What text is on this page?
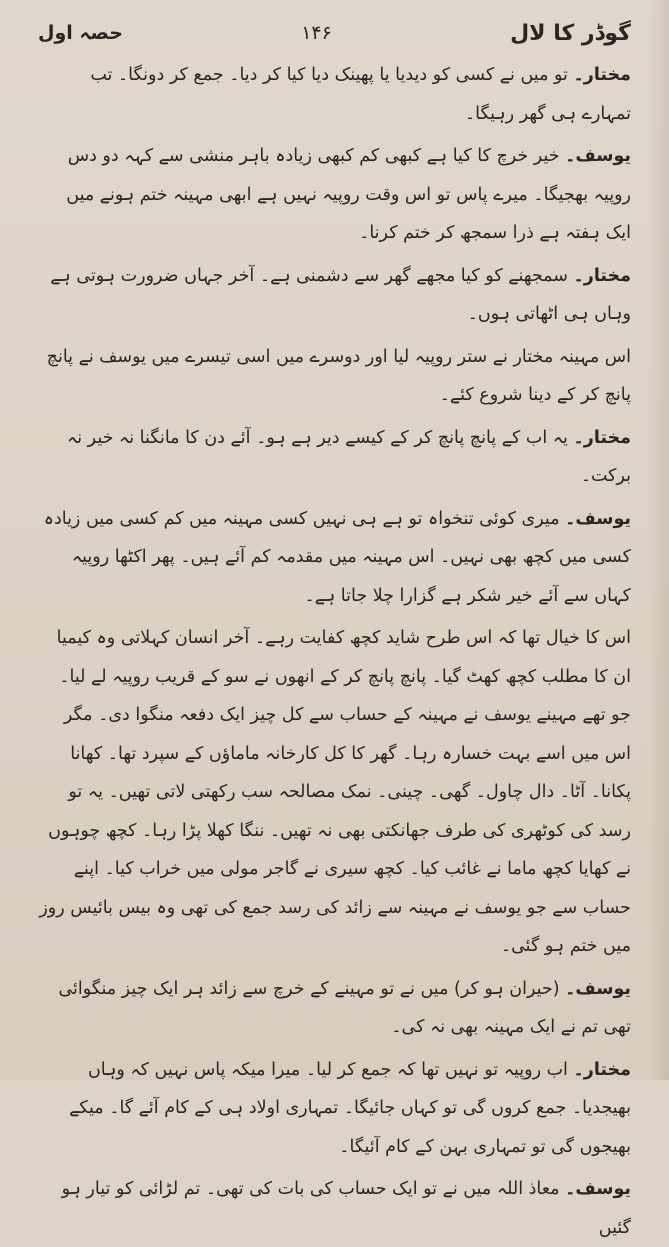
حصہ اول	۱۴۶	گوڈر کا لال

مختار۔ تو میں نے کسی کو دیدیا یا پھینک دیا کیا کر دیا۔ جمع کر دونگا۔ تب تمہارے ہی گھر رہیگا۔

یوسف۔ خیر خرچ کا کیا ہے کبھی کم کبھی زیادہ باہر منشی سے کہہ دو دس روپیہ بھجیگا۔ میرے پاس تو اس وقت روپیہ نہیں ہے ابھی مہینہ ختم ہونے میں ایک ہفتہ ہے ذرا سمجھ کر ختم کرنا۔

مختار۔ سمجھنے کو کیا مجھے گھر سے دشمنی ہے۔ آخر جہاں ضرورت ہوتی ہے وہاں ہی اٹھاتی ہوں۔

اس مہینہ مختار نے ستر روپیہ لیا اور دوسرے میں اسی تیسرے میں یوسف نے پانچ پانچ کر کے دینا شروع کئے۔

مختار۔ یہ اب کے پانچ پانچ کر کے کیسے دیر ہے ہو۔ آئے دن کا مانگنا نہ خیر نہ برکت۔

یوسف۔ میری کوئی تنخواہ تو ہے ہی نہیں کسی مہینہ میں کم کسی میں زیادہ کسی میں کچھ بھی نہیں۔ اس مہینہ میں مقدمہ کم آئے ہیں۔ پھر اکٹھا روپیہ کہاں سے آئے خیر شکر ہے گزارا چلا جاتا ہے۔

اس کا خیال تھا کہ اس طرح شاید کچھ کفایت رہے۔ آخر انسان کہلاتی وہ کیمیا ان کا مطلب کچھ کھٹ گیا۔ پانچ پانچ کر کے انھوں نے سو کے قریب روپیہ لے لیا۔ جو تھے مہینے یوسف نے مہینہ کے حساب سے کل چیز ایک دفعہ منگوا دی۔ مگر اس میں اسے بہت خسارہ رہا۔ گھر کا کل کارخانہ ماماؤں کے سپرد تھا۔ کھانا پکانا۔ آٹا۔ دال چاول۔ گھی۔ چینی۔ نمک مصالحہ سب رکھتی لاتی تھیں۔ یہ تو رسد کی کوٹھری کی طرف جھانکتی بھی نہ تھیں۔ ننگا کھلا پڑا رہا۔ کچھ چوہوں نے کھایا کچھ ماما نے غائب کیا۔ کچھ سیری نے گاجر مولی میں خراب کیا۔ اپنے حساب سے جو یوسف نے مہینہ سے زائد کی رسد جمع کی تھی وہ بیس بائیس روز میں ختم ہو گئی۔

یوسف۔ (حیران ہو کر) میں نے تو مہینے کے خرچ سے زائد ہر ایک چیز منگوائی تھی تم نے ایک مہینہ بھی نہ کی۔

مختار۔ اب روپیہ تو نہیں تھا کہ جمع کر لیا۔ میرا میکہ پاس نہیں کہ وہاں بھیجدیا۔ جمع کروں گی تو کہاں جائیگا۔ تمہاری اولاد ہی کے کام آئے گا۔ میکے بھیجوں گی تو تمہاری بہن کے کام آئیگا۔

یوسف۔ معاذ اللہ میں نے تو ایک حساب کی بات کی تھی۔ تم لڑائی کو تیار ہو گئیں
